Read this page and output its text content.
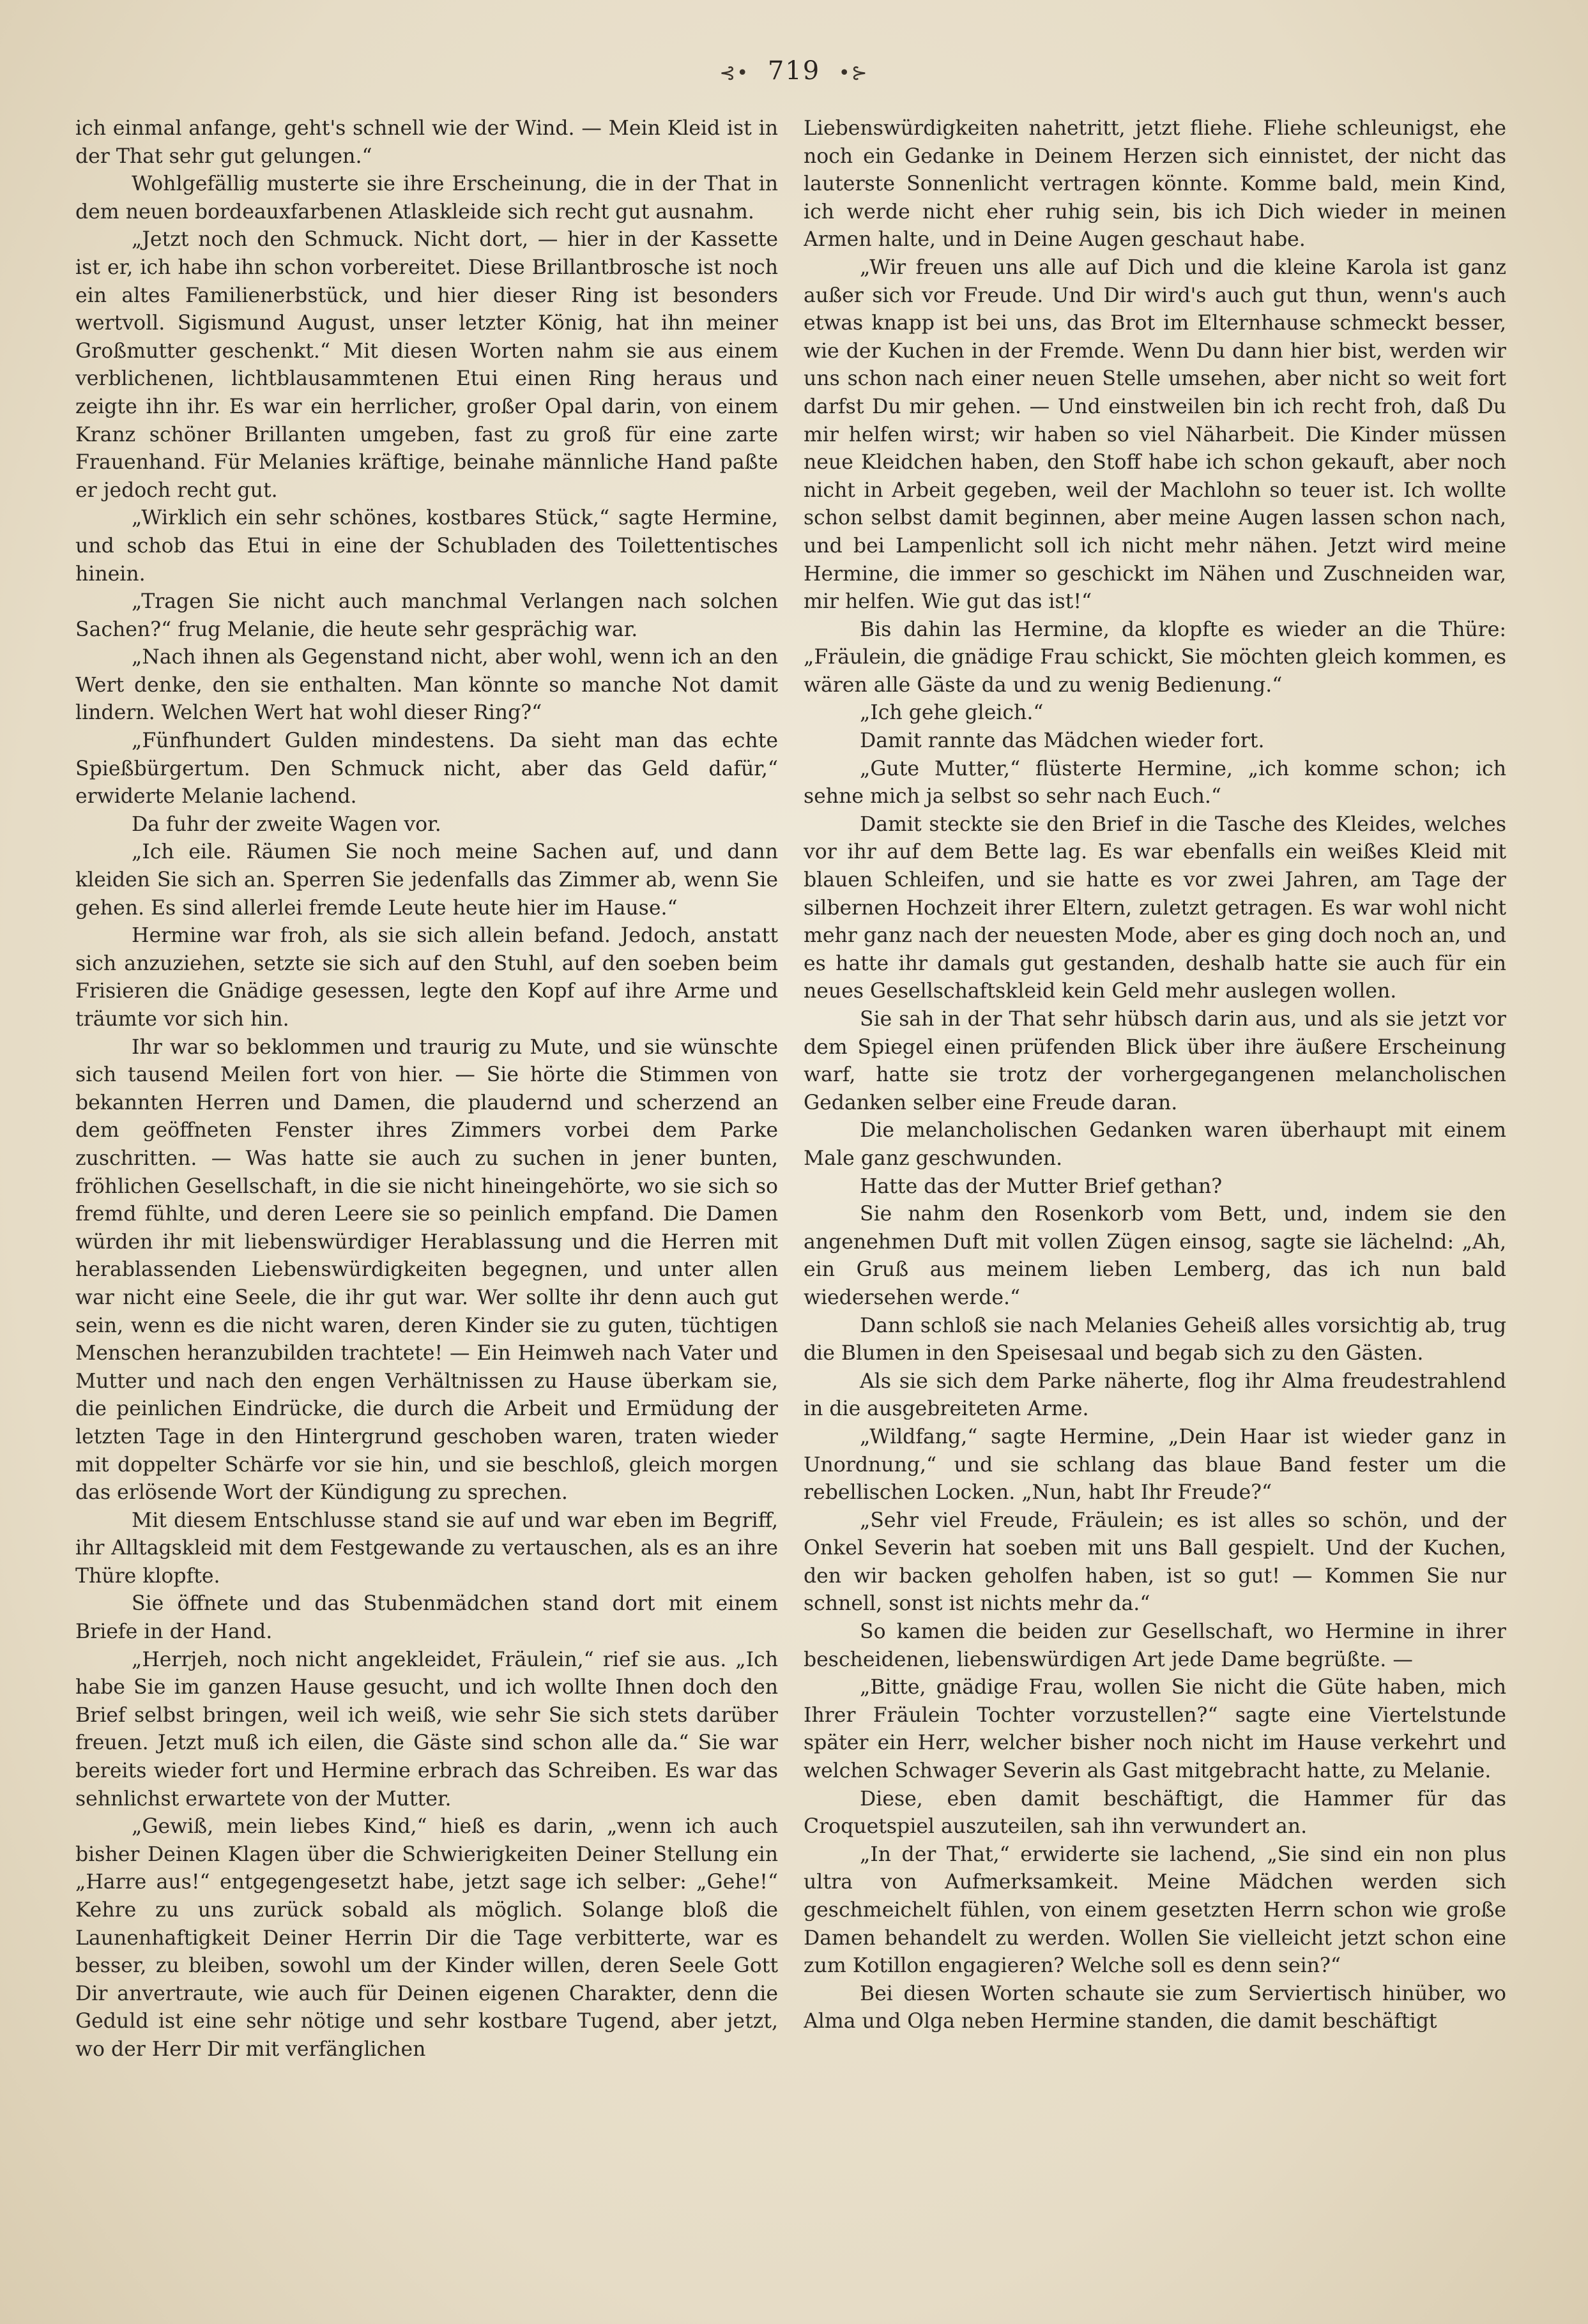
⊰• 719 •⊱

ich einmal anfange, geht's schnell wie der Wind. — Mein Kleid ist in der That sehr gut gelungen.“

Wohlgefällig musterte sie ihre Erscheinung, die in der That in dem neuen bordeauxfarbenen Atlaskleide sich recht gut ausnahm.

„Jetzt noch den Schmuck. Nicht dort, — hier in der Kassette ist er, ich habe ihn schon vorbereitet. Diese Brillantbrosche ist noch ein altes Familienerbstück, und hier dieser Ring ist besonders wertvoll. Sigismund August, unser letzter König, hat ihn meiner Großmutter geschenkt.“ Mit diesen Worten nahm sie aus einem verblichenen, lichtblausammtenen Etui einen Ring heraus und zeigte ihn ihr. Es war ein herrlicher, großer Opal darin, von einem Kranz schöner Brillanten umgeben, fast zu groß für eine zarte Frauenhand. Für Melanies kräftige, beinahe männliche Hand paßte er jedoch recht gut.

„Wirklich ein sehr schönes, kostbares Stück,“ sagte Hermine, und schob das Etui in eine der Schubladen des Toilettentisches hinein.

„Tragen Sie nicht auch manchmal Verlangen nach solchen Sachen?“ frug Melanie, die heute sehr gesprächig war.

„Nach ihnen als Gegenstand nicht, aber wohl, wenn ich an den Wert denke, den sie enthalten. Man könnte so manche Not damit lindern. Welchen Wert hat wohl dieser Ring?“

„Fünfhundert Gulden mindestens. Da sieht man das echte Spießbürgertum. Den Schmuck nicht, aber das Geld dafür,“ erwiderte Melanie lachend.

Da fuhr der zweite Wagen vor.

„Ich eile. Räumen Sie noch meine Sachen auf, und dann kleiden Sie sich an. Sperren Sie jedenfalls das Zimmer ab, wenn Sie gehen. Es sind allerlei fremde Leute heute hier im Hause.“

Hermine war froh, als sie sich allein befand. Jedoch, anstatt sich anzuziehen, setzte sie sich auf den Stuhl, auf den soeben beim Frisieren die Gnädige gesessen, legte den Kopf auf ihre Arme und träumte vor sich hin.

Ihr war so beklommen und traurig zu Mute, und sie wünschte sich tausend Meilen fort von hier. — Sie hörte die Stimmen von bekannten Herren und Damen, die plaudernd und scherzend an dem geöffneten Fenster ihres Zimmers vorbei dem Parke zuschritten. — Was hatte sie auch zu suchen in jener bunten, fröhlichen Gesellschaft, in die sie nicht hineingehörte, wo sie sich so fremd fühlte, und deren Leere sie so peinlich empfand. Die Damen würden ihr mit liebenswürdiger Herablassung und die Herren mit herablassenden Liebenswürdigkeiten begegnen, und unter allen war nicht eine Seele, die ihr gut war. Wer sollte ihr denn auch gut sein, wenn es die nicht waren, deren Kinder sie zu guten, tüchtigen Menschen heranzubilden trachtete! — Ein Heimweh nach Vater und Mutter und nach den engen Verhältnissen zu Hause überkam sie, die peinlichen Eindrücke, die durch die Arbeit und Ermüdung der letzten Tage in den Hintergrund geschoben waren, traten wieder mit doppelter Schärfe vor sie hin, und sie beschloß, gleich morgen das erlösende Wort der Kündigung zu sprechen.

Mit diesem Entschlusse stand sie auf und war eben im Begriff, ihr Alltagskleid mit dem Festgewande zu vertauschen, als es an ihre Thüre klopfte.

Sie öffnete und das Stubenmädchen stand dort mit einem Briefe in der Hand.

„Herrjeh, noch nicht angekleidet, Fräulein,“ rief sie aus. „Ich habe Sie im ganzen Hause gesucht, und ich wollte Ihnen doch den Brief selbst bringen, weil ich weiß, wie sehr Sie sich stets darüber freuen. Jetzt muß ich eilen, die Gäste sind schon alle da.“ Sie war bereits wieder fort und Hermine erbrach das Schreiben. Es war das sehnlichst erwartete von der Mutter.

„Gewiß, mein liebes Kind,“ hieß es darin, „wenn ich auch bisher Deinen Klagen über die Schwierigkeiten Deiner Stellung ein „Harre aus!“ entgegengesetzt habe, jetzt sage ich selber: „Gehe!“ Kehre zu uns zurück sobald als möglich. Solange bloß die Launenhaftigkeit Deiner Herrin Dir die Tage verbitterte, war es besser, zu bleiben, sowohl um der Kinder willen, deren Seele Gott Dir anvertraute, wie auch für Deinen eigenen Charakter, denn die Geduld ist eine sehr nötige und sehr kostbare Tugend, aber jetzt, wo der Herr Dir mit verfänglichen

Liebenswürdigkeiten nahetritt, jetzt fliehe. Fliehe schleunigst, ehe noch ein Gedanke in Deinem Herzen sich einnistet, der nicht das lauterste Sonnenlicht vertragen könnte. Komme bald, mein Kind, ich werde nicht eher ruhig sein, bis ich Dich wieder in meinen Armen halte, und in Deine Augen geschaut habe.

„Wir freuen uns alle auf Dich und die kleine Karola ist ganz außer sich vor Freude. Und Dir wird's auch gut thun, wenn's auch etwas knapp ist bei uns, das Brot im Elternhause schmeckt besser, wie der Kuchen in der Fremde. Wenn Du dann hier bist, werden wir uns schon nach einer neuen Stelle umsehen, aber nicht so weit fort darfst Du mir gehen. — Und einstweilen bin ich recht froh, daß Du mir helfen wirst; wir haben so viel Näharbeit. Die Kinder müssen neue Kleidchen haben, den Stoff habe ich schon gekauft, aber noch nicht in Arbeit gegeben, weil der Machlohn so teuer ist. Ich wollte schon selbst damit beginnen, aber meine Augen lassen schon nach, und bei Lampenlicht soll ich nicht mehr nähen. Jetzt wird meine Hermine, die immer so geschickt im Nähen und Zuschneiden war, mir helfen. Wie gut das ist!“

Bis dahin las Hermine, da klopfte es wieder an die Thüre: „Fräulein, die gnädige Frau schickt, Sie möchten gleich kommen, es wären alle Gäste da und zu wenig Bedienung.“

„Ich gehe gleich.“

Damit rannte das Mädchen wieder fort.

„Gute Mutter,“ flüsterte Hermine, „ich komme schon; ich sehne mich ja selbst so sehr nach Euch.“

Damit steckte sie den Brief in die Tasche des Kleides, welches vor ihr auf dem Bette lag. Es war ebenfalls ein weißes Kleid mit blauen Schleifen, und sie hatte es vor zwei Jahren, am Tage der silbernen Hochzeit ihrer Eltern, zuletzt getragen. Es war wohl nicht mehr ganz nach der neuesten Mode, aber es ging doch noch an, und es hatte ihr damals gut gestanden, deshalb hatte sie auch für ein neues Gesellschaftskleid kein Geld mehr auslegen wollen.

Sie sah in der That sehr hübsch darin aus, und als sie jetzt vor dem Spiegel einen prüfenden Blick über ihre äußere Erscheinung warf, hatte sie trotz der vorhergegangenen melancholischen Gedanken selber eine Freude daran.

Die melancholischen Gedanken waren überhaupt mit einem Male ganz geschwunden.

Hatte das der Mutter Brief gethan?

Sie nahm den Rosenkorb vom Bett, und, indem sie den angenehmen Duft mit vollen Zügen einsog, sagte sie lächelnd: „Ah, ein Gruß aus meinem lieben Lemberg, das ich nun bald wiedersehen werde.“

Dann schloß sie nach Melanies Geheiß alles vorsichtig ab, trug die Blumen in den Speisesaal und begab sich zu den Gästen.

Als sie sich dem Parke näherte, flog ihr Alma freudestrahlend in die ausgebreiteten Arme.

„Wildfang,“ sagte Hermine, „Dein Haar ist wieder ganz in Unordnung,“ und sie schlang das blaue Band fester um die rebellischen Locken. „Nun, habt Ihr Freude?“

„Sehr viel Freude, Fräulein; es ist alles so schön, und der Onkel Severin hat soeben mit uns Ball gespielt. Und der Kuchen, den wir backen geholfen haben, ist so gut! — Kommen Sie nur schnell, sonst ist nichts mehr da.“

So kamen die beiden zur Gesellschaft, wo Hermine in ihrer bescheidenen, liebenswürdigen Art jede Dame begrüßte. —

„Bitte, gnädige Frau, wollen Sie nicht die Güte haben, mich Ihrer Fräulein Tochter vorzustellen?“ sagte eine Viertelstunde später ein Herr, welcher bisher noch nicht im Hause verkehrt und welchen Schwager Severin als Gast mitgebracht hatte, zu Melanie.

Diese, eben damit beschäftigt, die Hammer für das Croquetspiel auszuteilen, sah ihn verwundert an.

„In der That,“ erwiderte sie lachend, „Sie sind ein non plus ultra von Aufmerksamkeit. Meine Mädchen werden sich geschmeichelt fühlen, von einem gesetzten Herrn schon wie große Damen behandelt zu werden. Wollen Sie vielleicht jetzt schon eine zum Kotillon engagieren? Welche soll es denn sein?“

Bei diesen Worten schaute sie zum Serviertisch hinüber, wo Alma und Olga neben Hermine standen, die damit beschäftigt
